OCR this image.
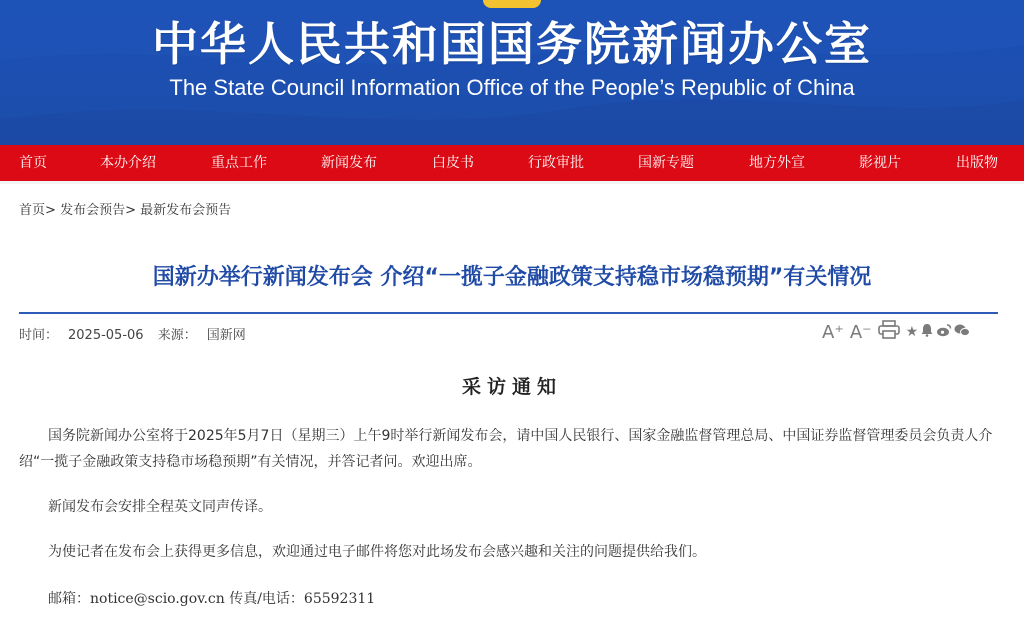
中华人民共和国国务院新闻办公室
The State Council Information Office of the People’s Republic of China
首页	本办介绍	重点工作	新闻发布	白皮书	行政审批	国新专题	地方外宣	影视片	出版物
首页> 发布会预告> 最新发布会预告
国新办举行新闻发布会 介绍“一揽子金融政策支持稳市场稳预期”有关情况
时间： 2025-05-06 来源： 国新网	A⁺ A⁻ ★
采访通知
国务院新闻办公室将于2025年5月7日（星期三）上午9时举行新闻发布会，请中国人民银行、国家金融监督管理总局、中国证券监督管理委员会负责人介绍“一揽子金融政策支持稳市场稳预期”有关情况，并答记者问。欢迎出席。
新闻发布会安排全程英文同声传译。
为使记者在发布会上获得更多信息，欢迎通过电子邮件将您对此场发布会感兴趣和关注的问题提供给我们。
邮箱：notice@scio.gov.cn 传真/电话：65592311
